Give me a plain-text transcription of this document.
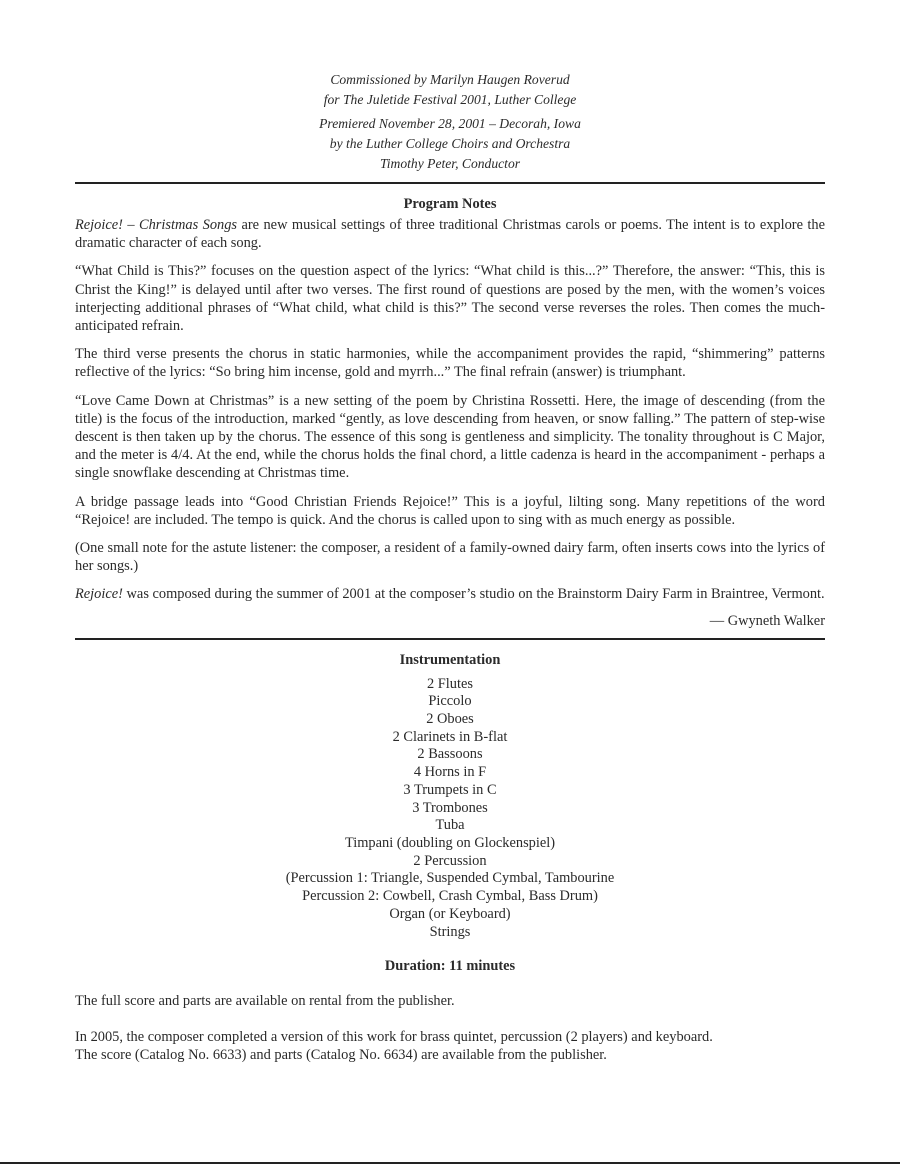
Commissioned by Marilyn Haugen Roverud
for The Juletide Festival 2001, Luther College
Premiered November 28, 2001 – Decorah, Iowa
by the Luther College Choirs and Orchestra
Timothy Peter, Conductor
Program Notes

Rejoice! – Christmas Songs are new musical settings of three traditional Christmas carols or poems. The intent is to explore the dramatic character of each song.

“What Child is This?” focuses on the question aspect of the lyrics: “What child is this...?” Therefore, the answer: “This, this is Christ the King!” is delayed until after two verses. The first round of questions are posed by the men, with the women’s voices interjecting additional phrases of “What child, what child is this?” The second verse reverses the roles. Then comes the much-anticipated refrain.

The third verse presents the chorus in static harmonies, while the accompaniment provides the rapid, “shimmering” patterns reflective of the lyrics: “So bring him incense, gold and myrrh...” The final refrain (answer) is triumphant.

“Love Came Down at Christmas” is a new setting of the poem by Christina Rossetti. Here, the image of descending (from the title) is the focus of the introduction, marked “gently, as love descending from heaven, or snow falling.” The pattern of step-wise descent is then taken up by the chorus. The essence of this song is gentleness and simplicity. The tonality throughout is C Major, and the meter is 4/4. At the end, while the chorus holds the final chord, a little cadenza is heard in the accompaniment - perhaps a single snowflake descending at Christmas time.

A bridge passage leads into “Good Christian Friends Rejoice!” This is a joyful, lilting song. Many repetitions of the word “Rejoice! are included. The tempo is quick. And the chorus is called upon to sing with as much energy as possible.

(One small note for the astute listener: the composer, a resident of a family-owned dairy farm, often inserts cows into the lyrics of her songs.)

Rejoice! was composed during the summer of 2001 at the composer’s studio on the Brainstorm Dairy Farm in Braintree, Vermont.

— Gwyneth Walker
Instrumentation
2 Flutes
Piccolo
2 Oboes
2 Clarinets in B-flat
2 Bassoons
4 Horns in F
3 Trumpets in C
3 Trombones
Tuba
Timpani (doubling on Glockenspiel)
2 Percussion
(Percussion 1: Triangle, Suspended Cymbal, Tambourine
Percussion 2: Cowbell, Crash Cymbal, Bass Drum)
Organ (or Keyboard)
Strings
Duration: 11 minutes

The full score and parts are available on rental from the publisher.

In 2005, the composer completed a version of this work for brass quintet, percussion (2 players) and keyboard.

The score (Catalog No. 6633) and parts (Catalog No. 6634) are available from the publisher.
